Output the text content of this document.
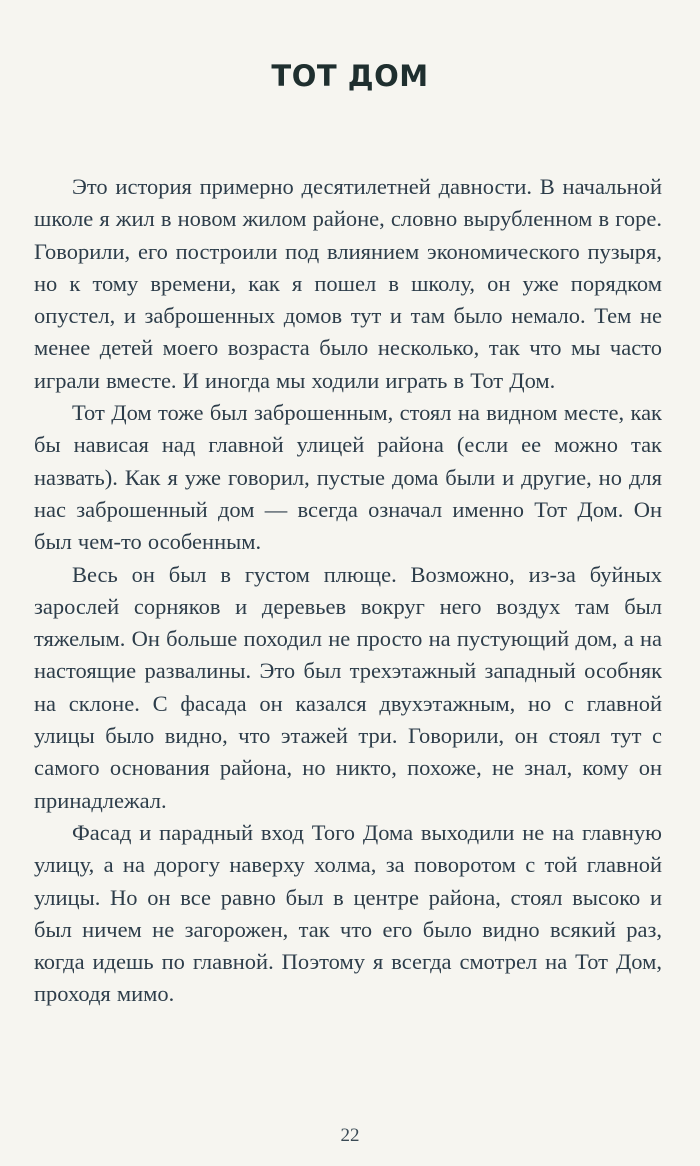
ТОТ ДОМ

Это история примерно десятилетней давности. В начальной школе я жил в новом жилом районе, словно вырубленном в горе. Говорили, его построили под влиянием экономического пузыря, но к тому времени, как я пошел в школу, он уже порядком опустел, и заброшенных домов тут и там было немало. Тем не менее детей моего возраста было несколько, так что мы часто играли вместе. И иногда мы ходили играть в Тот Дом.

Тот Дом тоже был заброшенным, стоял на видном месте, как бы нависая над главной улицей района (если ее можно так назвать). Как я уже говорил, пустые дома были и другие, но для нас заброшенный дом — всегда означал именно Тот Дом. Он был чем-то особенным.

Весь он был в густом плюще. Возможно, из-за буйных зарослей сорняков и деревьев вокруг него воздух там был тяжелым. Он больше походил не просто на пустующий дом, а на настоящие развалины. Это был трехэтажный западный особняк на склоне. С фасада он казался двухэтажным, но с главной улицы было видно, что этажей три. Говорили, он стоял тут с самого основания района, но никто, похоже, не знал, кому он принадлежал.

Фасад и парадный вход Того Дома выходили не на главную улицу, а на дорогу наверху холма, за поворотом с той главной улицы. Но он все равно был в центре района, стоял высоко и был ничем не загорожен, так что его было видно всякий раз, когда идешь по главной. Поэтому я всегда смотрел на Тот Дом, проходя мимо.

22
